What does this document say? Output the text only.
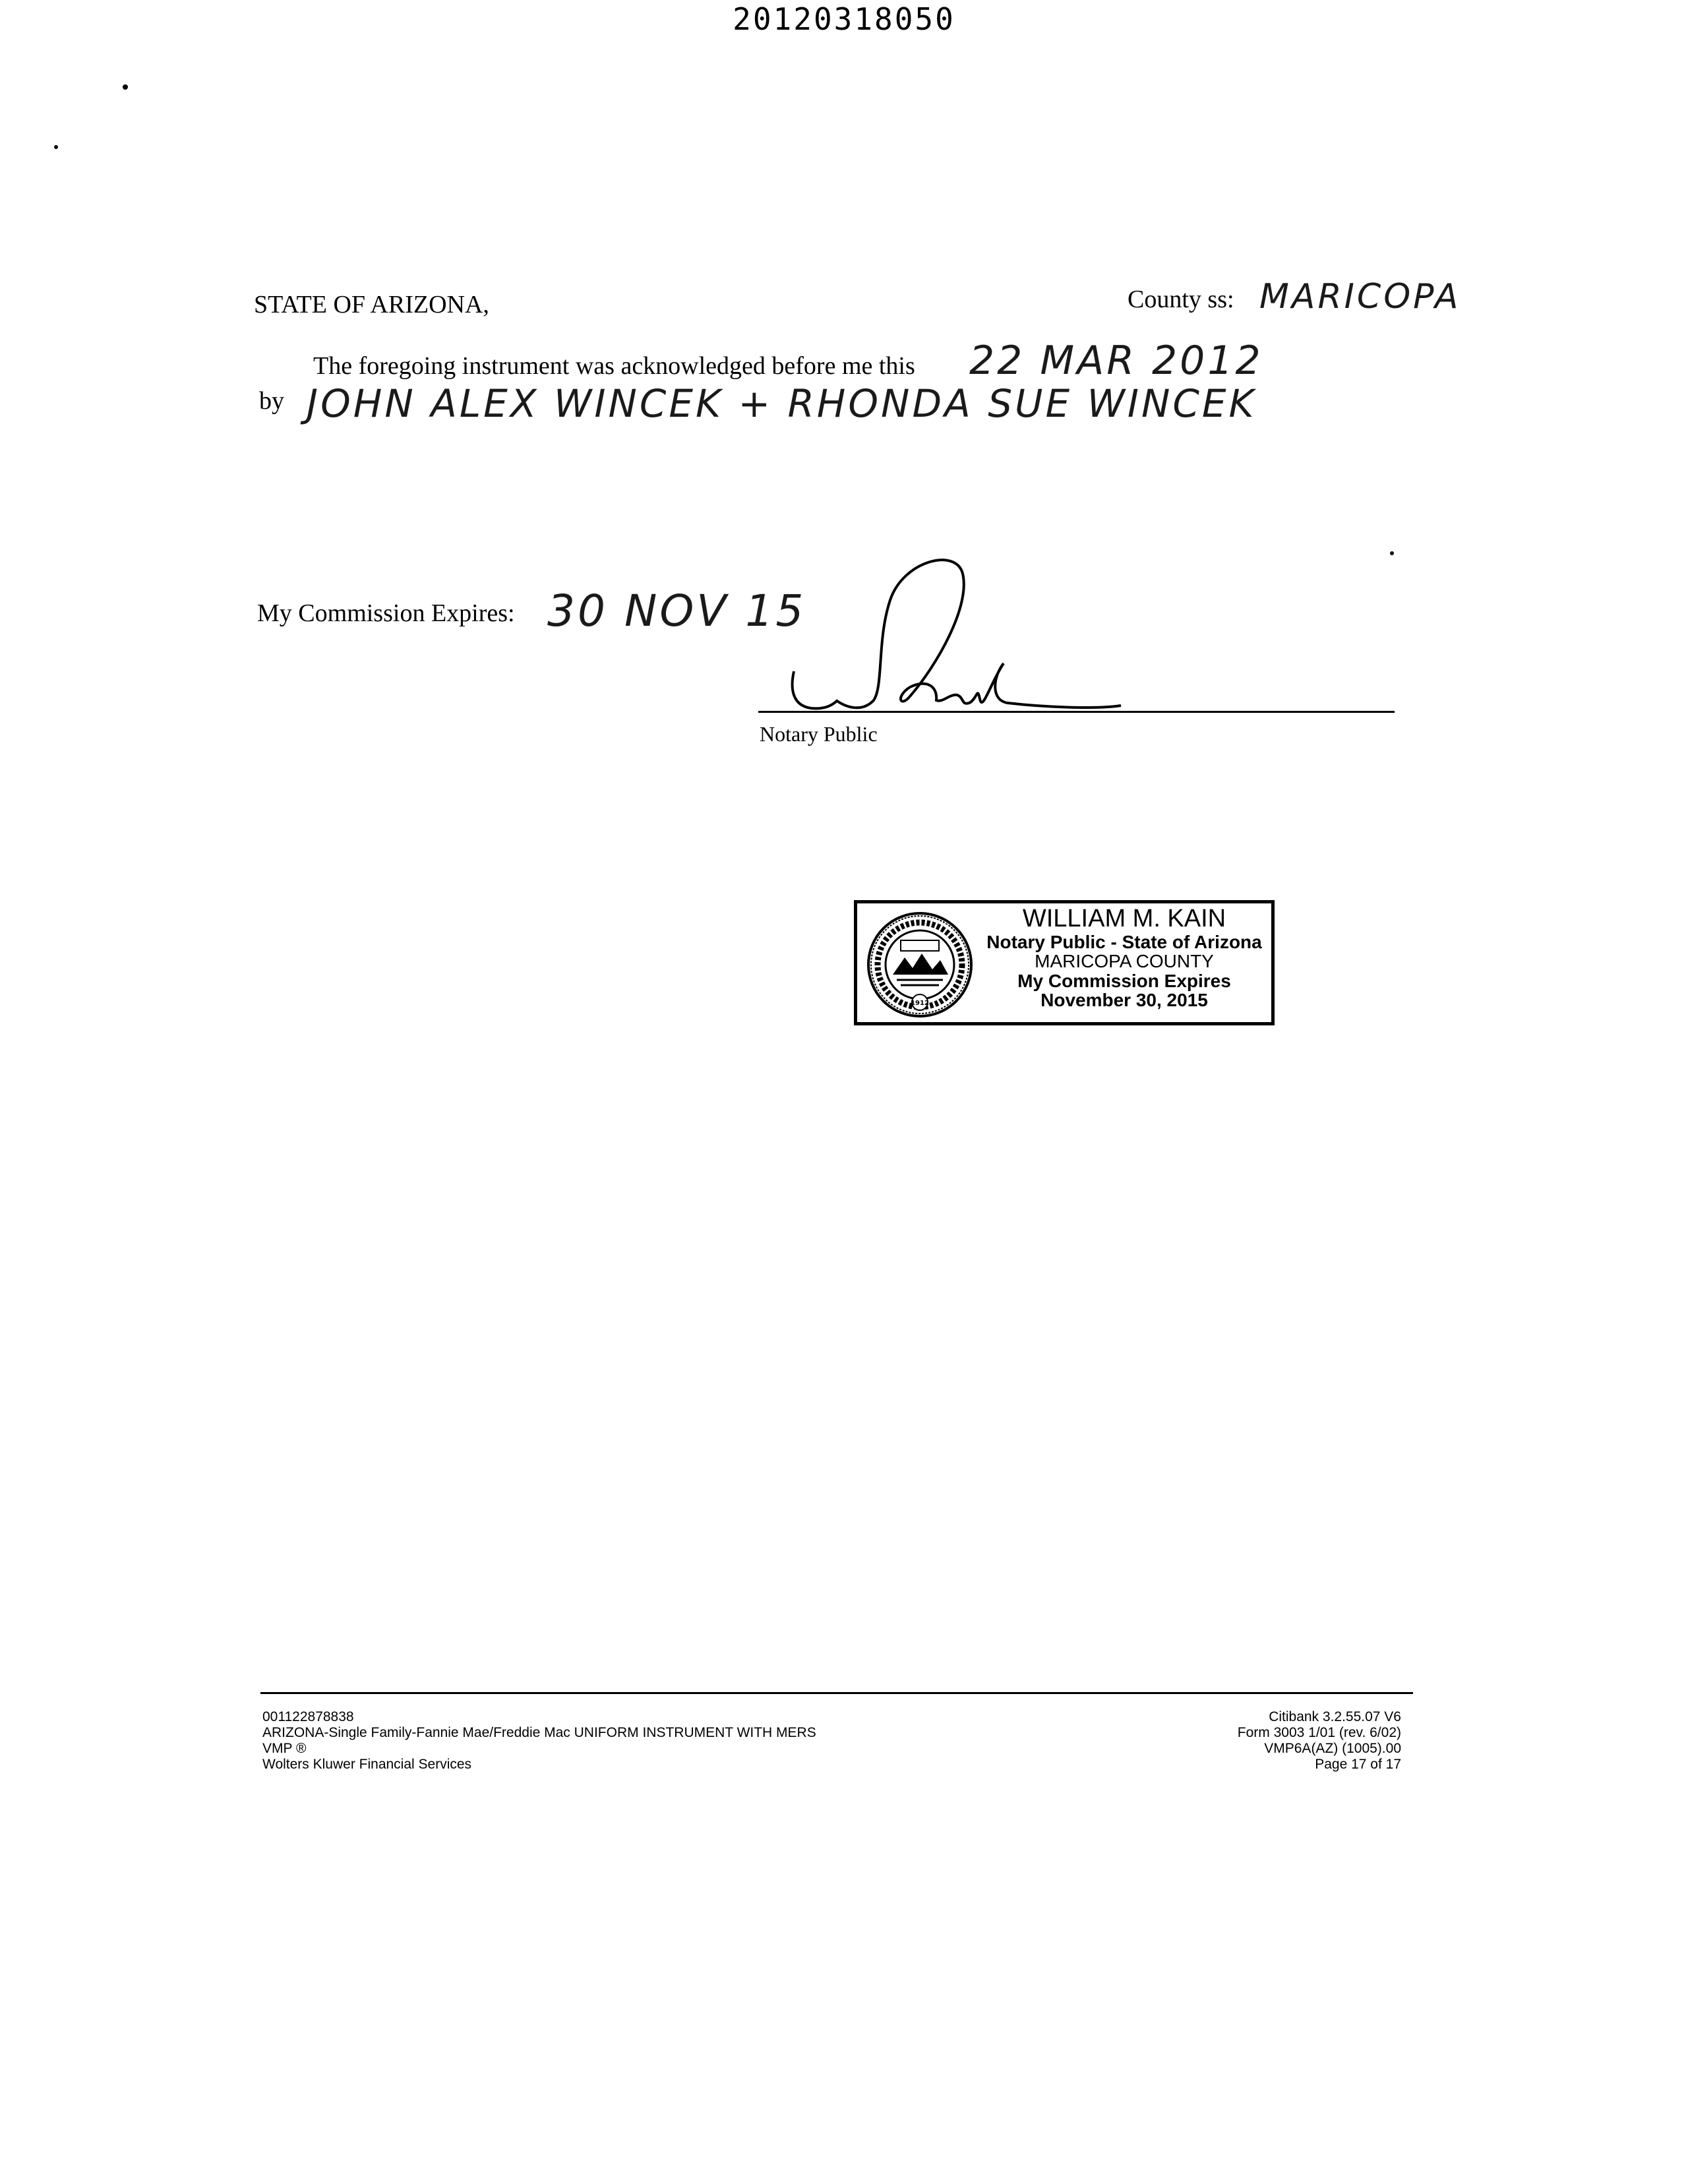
20120318050
STATE OF ARIZONA,	County ss: MARICOPA
The foregoing instrument was acknowledged before me this 22 MAR 2012
by JOHN ALEX WINCEK + RHONDA SUE WINCEK
My Commission Expires: 30 NOV 15
Notary Public
1912
WILLIAM M. KAIN
Notary Public - State of Arizona
MARICOPA COUNTY
My Commission Expires
November 30, 2015
001122878838
ARIZONA-Single Family-Fannie Mae/Freddie Mac UNIFORM INSTRUMENT WITH MERS
VMP ®
Wolters Kluwer Financial Services
Citibank 3.2.55.07 V6
Form 3003 1/01 (rev. 6/02)
VMP6A(AZ) (1005).00
Page 17 of 17
